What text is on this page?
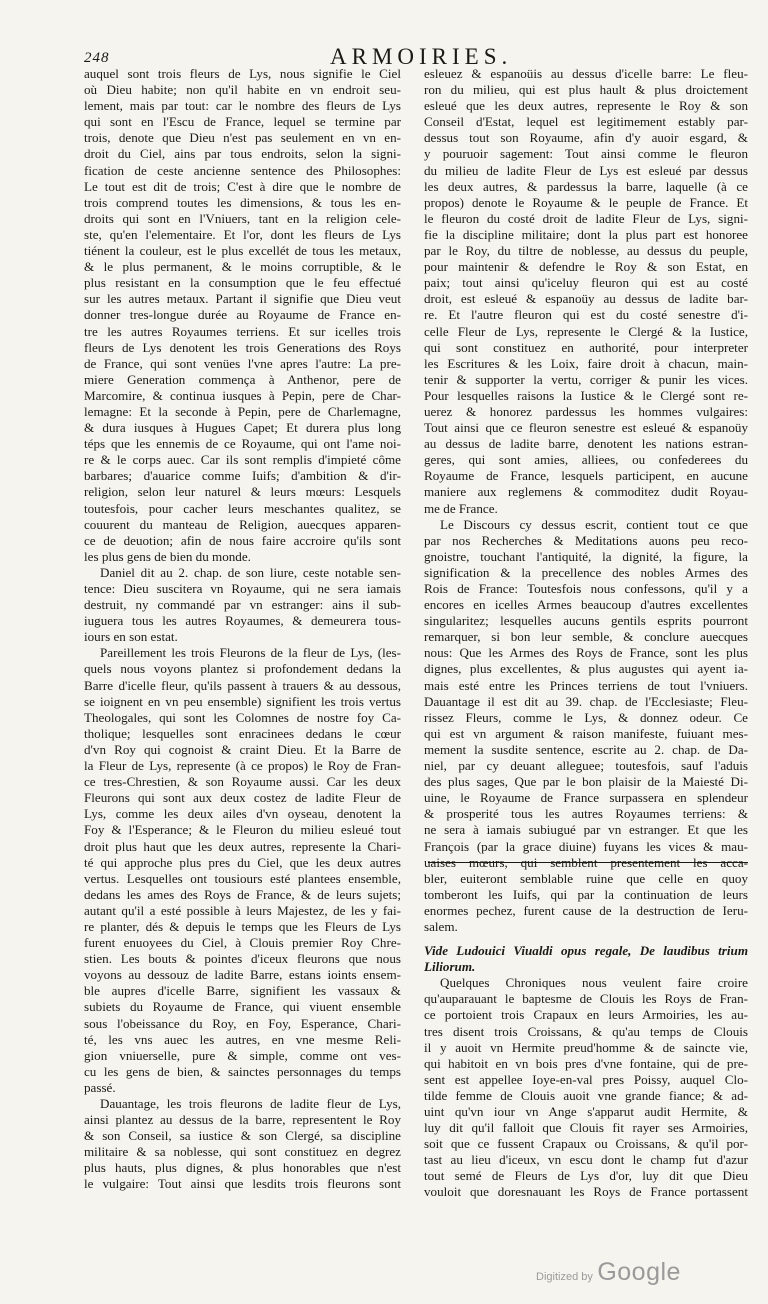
248	ARMOIRIES.
auquel sont trois fleurs de Lys, nous signifie le Ciel
où Dieu habite; non qu'il habite en vn endroit seu-
lement, mais par tout: car le nombre des fleurs de Lys
qui sont en l'Escu de France, lequel se termine par
trois, denote que Dieu n'est pas seulement en vn en-
droit du Ciel, ains par tous endroits, selon la signi-
fication de ceste ancienne sentence des Philosophes:
Le tout est dit de trois; C'est à dire que le nombre de
trois comprend toutes les dimensions, & tous les en-
droits qui sont en l'Vniuers, tant en la religion cele-
ste, qu'en l'elementaire. Et l'or, dont les fleurs de Lys
tiénent la couleur, est le plus excellét de tous les metaux,
& le plus permanent, & le moins corruptible, & le
plus resistant en la consumption que le feu effectué
sur les autres metaux. Partant il signifie que Dieu veut
donner tres-longue durée au Royaume de France en-
tre les autres Royaumes terriens. Et sur icelles trois
fleurs de Lys denotent les trois Generations des Roys
de France, qui sont venües l'vne apres l'autre: La pre-
miere Generation commença à Anthenor, pere de
Marcomire, & continua iusques à Pepin, pere de Char-
lemagne: Et la seconde à Pepin, pere de Charlemagne,
& dura iusques à Hugues Capet; Et durera plus long
téps que les ennemis de ce Royaume, qui ont l'ame noi-
re & le corps auec. Car ils sont remplis d'impieté côme
barbares; d'auarice comme Iuifs; d'ambition & d'ir-
religion, selon leur naturel & leurs mœurs: Lesquels
toutesfois, pour cacher leurs meschantes qualitez, se
couurent du manteau de Religion, auecques apparen-
ce de deuotion; afin de nous faire accroire qu'ils sont
les plus gens de bien du monde.
Daniel dit au 2. chap. de son liure, ceste notable sen-
tence: Dieu suscitera vn Royaume, qui ne sera iamais
destruit, ny commandé par vn estranger: ains il sub-
iuguera tous les autres Royaumes, & demeurera tous-
iours en son estat.
Pareillement les trois Fleurons de la fleur de Lys, (les-
quels nous voyons plantez si profondement dedans la
Barre d'icelle fleur, qu'ils passent à trauers & au dessous,
se ioignent en vn peu ensemble) signifient les trois vertus
Theologales, qui sont les Colomnes de nostre foy Ca-
tholique; lesquelles sont enracinees dedans le cœur
d'vn Roy qui cognoist & craint Dieu. Et la Barre de
la Fleur de Lys, represente (à ce propos) le Roy de Fran-
ce tres-Chrestien, & son Royaume aussi. Car les deux
Fleurons qui sont aux deux costez de ladite Fleur de
Lys, comme les deux ailes d'vn oyseau, denotent la
Foy & l'Esperance; & le Fleuron du milieu esleué tout
droit plus haut que les deux autres, represente la Chari-
té qui approche plus pres du Ciel, que les deux autres
vertus. Lesquelles ont tousiours esté plantees ensemble,
dedans les ames des Roys de France, & de leurs sujets;
autant qu'il a esté possible à leurs Majestez, de les y fai-
re planter, dés & depuis le temps que les Fleurs de Lys
furent enuoyees du Ciel, à Clouis premier Roy Chre-
stien. Les bouts & pointes d'iceux fleurons que nous
voyons au dessouz de ladite Barre, estans ioints ensem-
ble aupres d'icelle Barre, signifient les vassaux &
subiets du Royaume de France, qui viuent ensemble
sous l'obeissance du Roy, en Foy, Esperance, Chari-
té, les vns auec les autres, en vne mesme Reli-
gion vniuerselle, pure & simple, comme ont ves-
cu les gens de bien, & sainctes personnages du temps
passé.
Dauantage, les trois fleurons de ladite fleur de Lys,
ainsi plantez au dessus de la barre, representent le Roy
& son Conseil, sa iustice & son Clergé, sa discipline
militaire & sa noblesse, qui sont constituez en degrez
plus hauts, plus dignes, & plus honorables que n'est
le vulgaire: Tout ainsi que lesdits trois fleurons sont
esleuez & espanoüis au dessus d'icelle barre: Le fleu-
ron du milieu, qui est plus hault & plus droictement
esleué que les deux autres, represente le Roy & son
Conseil d'Estat, lequel est legitimement estably par-
dessus tout son Royaume, afin d'y auoir esgard, &
y pouruoir sagement: Tout ainsi comme le fleuron
du milieu de ladite Fleur de Lys est esleué par dessus
les deux autres, & pardessus la barre, laquelle (à ce
propos) denote le Royaume & le peuple de France. Et
le fleuron du costé droit de ladite Fleur de Lys, signi-
fie la discipline militaire; dont la plus part est honoree
par le Roy, du tiltre de noblesse, au dessus du peuple,
pour maintenir & defendre le Roy & son Estat, en
paix; tout ainsi qu'iceluy fleuron qui est au costé
droit, est esleué & espanoüy au dessus de ladite bar-
re. Et l'autre fleuron qui est du costé senestre d'i-
celle Fleur de Lys, represente le Clergé & la Iustice,
qui sont constituez en authorité, pour interpreter
les Escritures & les Loix, faire droit à chacun, main-
tenir & supporter la vertu, corriger & punir les vices.
Pour lesquelles raisons la Iustice & le Clergé sont re-
uerez & honorez pardessus les hommes vulgaires:
Tout ainsi que ce fleuron senestre est esleué & espanoüy
au dessus de ladite barre, denotent les nations estran-
geres, qui sont amies, alliees, ou confederees du
Royaume de France, lesquels participent, en aucune
maniere aux reglemens & commoditez dudit Royau-
me de France.
Le Discours cy dessus escrit, contient tout ce que
par nos Recherches & Meditations auons peu reco-
gnoistre, touchant l'antiquité, la dignité, la figure, la
signification & la precellence des nobles Armes des
Rois de France: Toutesfois nous confessons, qu'il y a
encores en icelles Armes beaucoup d'autres excellentes
singularitez; lesquelles aucuns gentils esprits pourront
remarquer, si bon leur semble, & conclure auecques
nous: Que les Armes des Roys de France, sont les plus
dignes, plus excellentes, & plus augustes qui ayent ia-
mais esté entre les Princes terriens de tout l'vniuers.
Dauantage il est dit au 39. chap. de l'Ecclesiaste; Fleu-
rissez Fleurs, comme le Lys, & donnez odeur. Ce
qui est vn argument & raison manifeste, fuiuant mes-
mement la susdite sentence, escrite au 2. chap. de Da-
niel, par cy deuant alleguee; toutesfois, sauf l'aduis
des plus sages, Que par le bon plaisir de la Maiesté Di-
uine, le Royaume de France surpassera en splendeur
& prosperité tous les autres Royaumes terriens: &
ne sera à iamais subiugué par vn estranger. Et que les
François (par la grace diuine) fuyans les vices & mau-
uaises mœurs, qui semblent presentement les acca-
bler, euiteront semblable ruine que celle en quoy
tomberont les Iuifs, qui par la continuation de leurs
enormes pechez, furent cause de la destruction de Ieru-
salem.
Vide Ludouici Viualdi opus regale, De laudibus trium
Liliorum.
Quelques Chroniques nous veulent faire croire
qu'auparauant le baptesme de Clouis les Roys de Fran-
ce portoient trois Crapaux en leurs Armoiries, les au-
tres disent trois Croissans, & qu'au temps de Clouis
il y auoit vn Hermite preud'homme & de saincte vie,
qui habitoit en vn bois pres d'vne fontaine, qui de pre-
sent est appellee Ioye-en-val pres Poissy, auquel Clo-
tilde femme de Clouis auoit vne grande fiance; & ad-
uint qu'vn iour vn Ange s'apparut audit Hermite, &
luy dit qu'il falloit que Clouis fit rayer ses Armoiries,
soit que ce fussent Crapaux ou Croissans, & qu'il por-
tast au lieu d'iceux, vn escu dont le champ fut d'azur
tout semé de Fleurs de Lys d'or, luy dit que Dieu
vouloit que doresnauant les Roys de France portassent
Digitized by Google
